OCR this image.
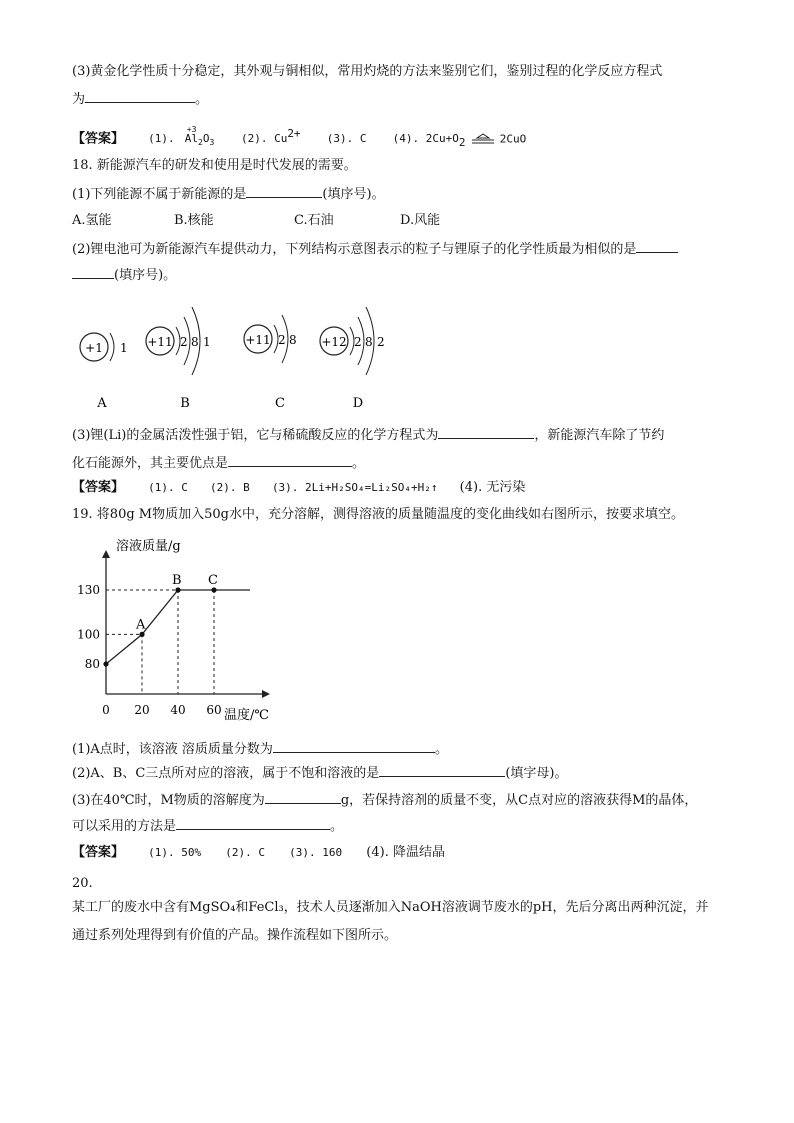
(3)黄金化学性质十分稳定，其外观与铜相似，常用灼烧的方法来鉴别它们，鉴别过程的化学反应方程式
为	。
【答案】 (1).
+3
$Al_2O_3$ (2). $Cu^{2+}$ (3). C (4). $2Cu+O_2$	2CuO
18. 新能源汽车的研发和使用是时代发展的需要。
(1)下列能源不属于新能源的是	(填序号)。
A.氢能	B.核能	C.石油	D.风能
(2)锂电池可为新能源汽车提供动力，下列结构示意图表示的粒子与锂原子的化学性质最为相似的是
(填序号)。
+1 1
A
+11 2 8 1
B
+11 2 8
C
+12 2 8 2
D
(3)锂(Li)的金属活泼性强于铝，它与稀硫酸反应的化学方程式为	，新能源汽车除了节约
化石能源外，其主要优点是	。
【答案】 (1). C (2). B (3). 2Li+H₂SO₄=Li₂SO₄+H₂↑ (4). 无污染
19. 将80g M物质加入50g水中，充分溶解，测得溶液的质量随温度的变化曲线如右图所示，按要求填空。
溶液质量/g
温度/℃
0 20 40 60
80
100
130
A
B C
(1)A点时，该溶液 溶质质量分数为	。
(2)A、B、C三点所对应的溶液，属于不饱和溶液的是	(填字母)。
(3)在40℃时，M物质的溶解度为	g，若保持溶剂的质量不变，从C点对应的溶液获得M的晶体，
可以采用的方法是	。
【答案】 (1). 50% (2). C (3). 160 (4). 降温结晶
20.
某工厂的废水中含有MgSO₄和FeCl₃，技术人员逐渐加入NaOH溶液调节废水的pH，先后分离出两种沉淀，并
通过系列处理得到有价值的产品。操作流程如下图所示。
